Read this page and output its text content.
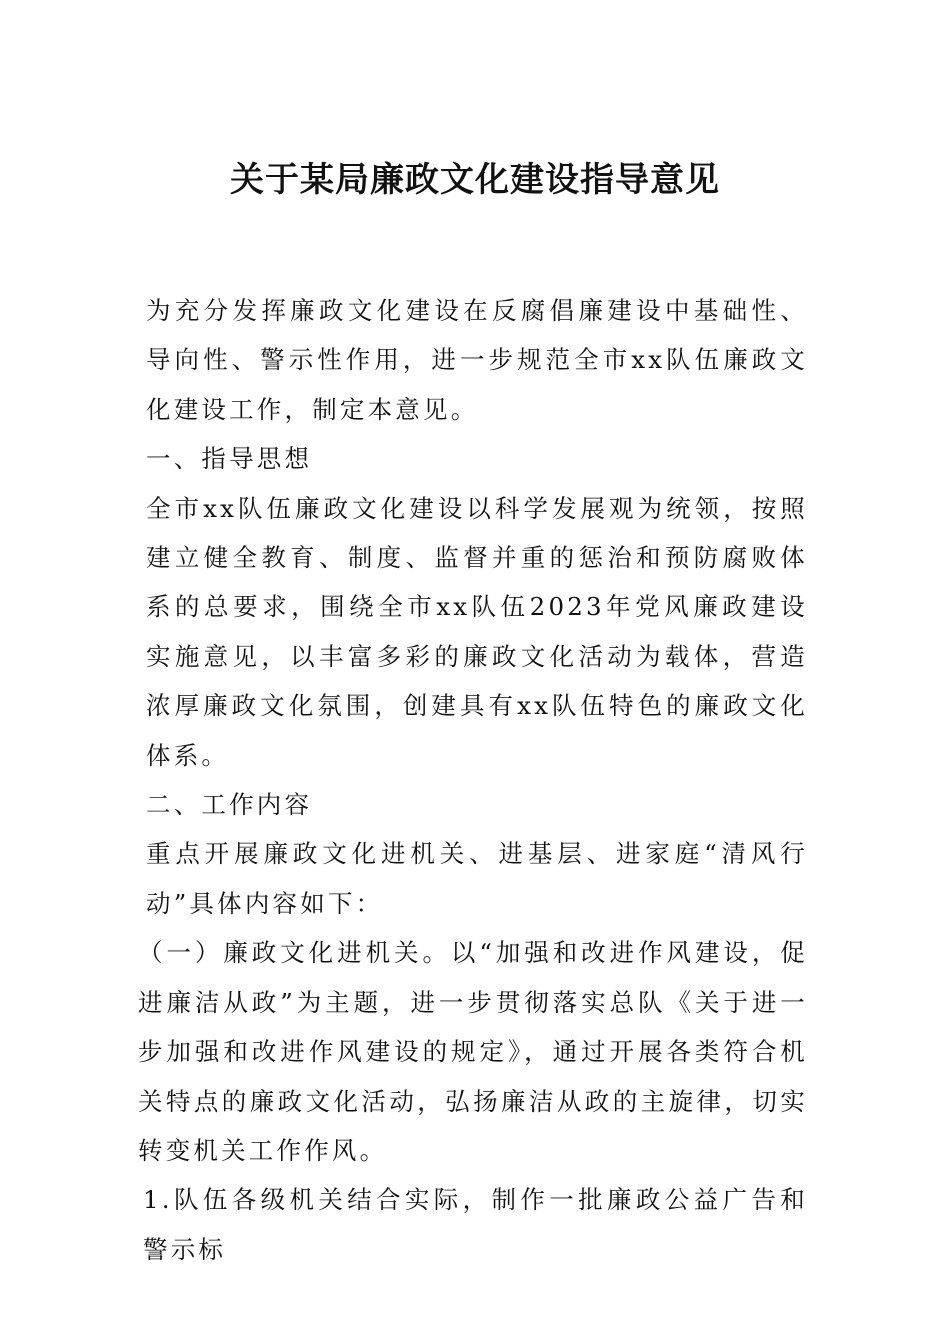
关于某局廉政文化建设指导意见

为充分发挥廉政文化建设在反腐倡廉建设中基础性、导向性、警示性作用，进一步规范全市xx队伍廉政文化建设工作，制定本意见。

一、指导思想

全市xx队伍廉政文化建设以科学发展观为统领，按照建立健全教育、制度、监督并重的惩治和预防腐败体系的总要求，围绕全市xx队伍2023年党风廉政建设实施意见，以丰富多彩的廉政文化活动为载体，营造浓厚廉政文化氛围，创建具有xx队伍特色的廉政文化体系。

二、工作内容

重点开展廉政文化进机关、进基层、进家庭“清风行动”具体内容如下：

（一）廉政文化进机关。以“加强和改进作风建设，促进廉洁从政”为主题，进一步贯彻落实总队《关于进一步加强和改进作风建设的规定》，通过开展各类符合机关特点的廉政文化活动，弘扬廉洁从政的主旋律，切实转变机关工作作风。

1.队伍各级机关结合实际，制作一批廉政公益广告和警示标
